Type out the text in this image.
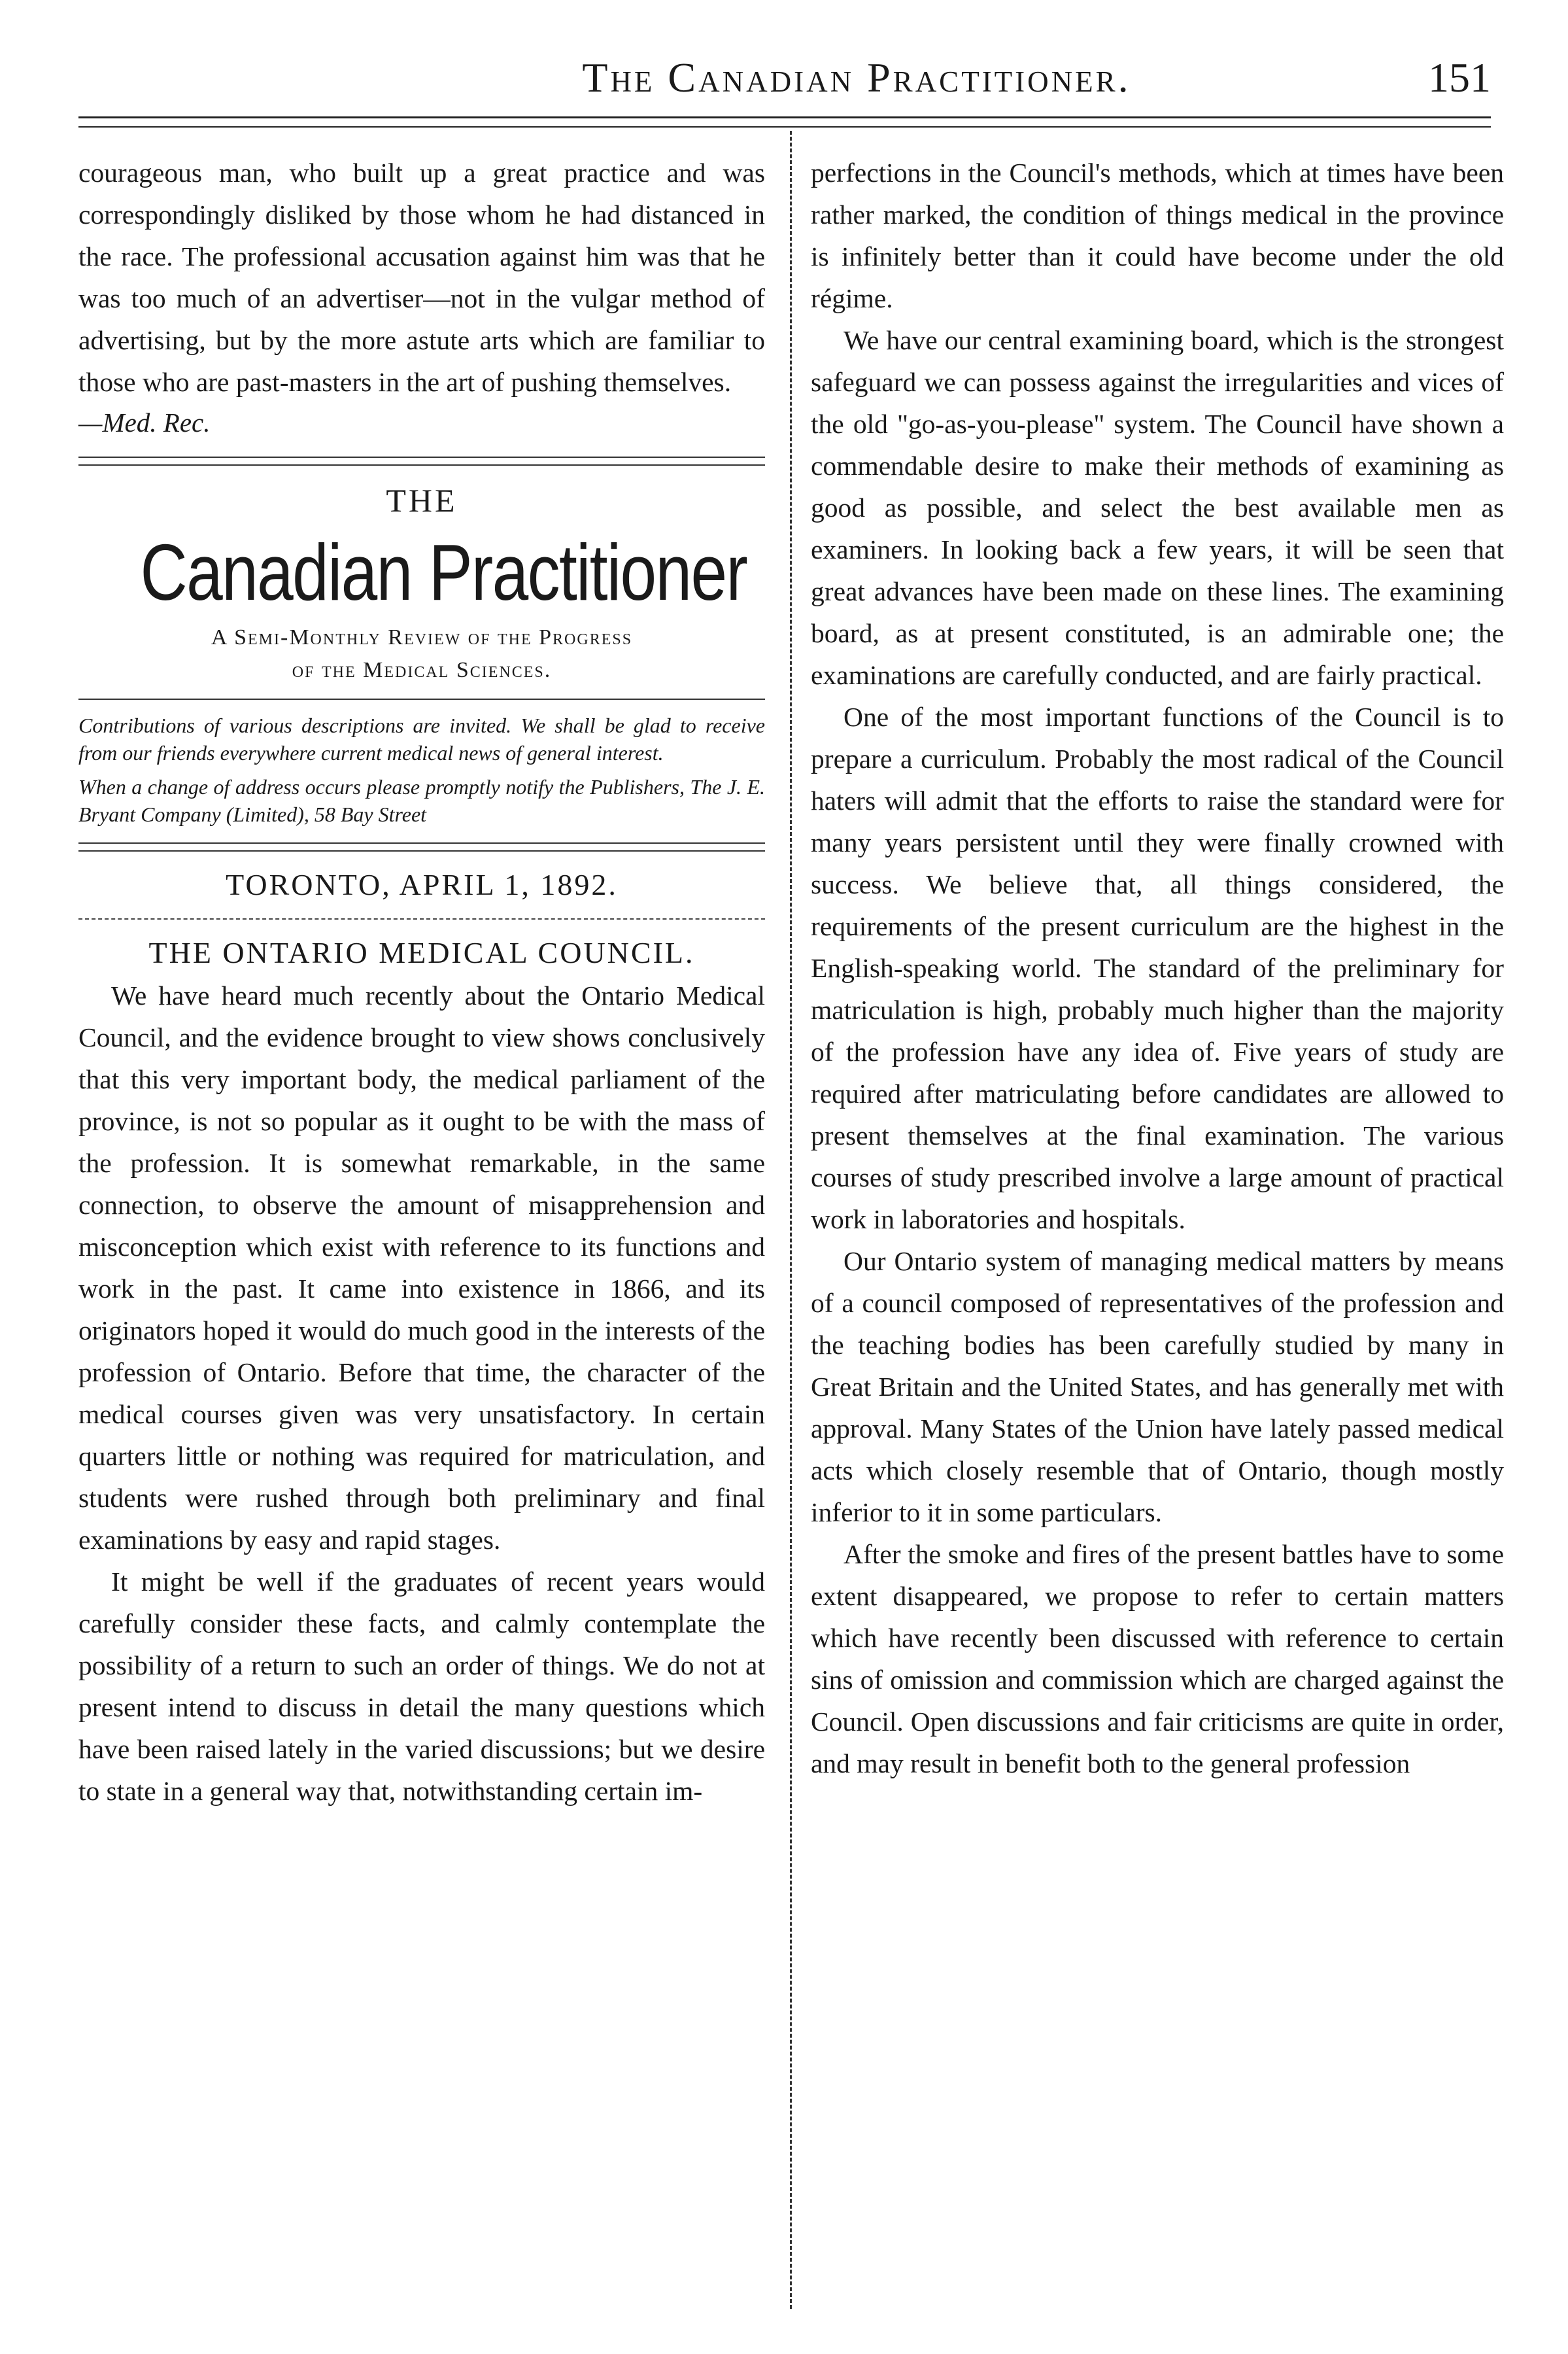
The Canadian Practitioner.	151

courageous man, who built up a great practice and was correspondingly disliked by those whom he had distanced in the race. The professional accusation against him was that he was too much of an advertiser—not in the vulgar method of advertising, but by the more astute arts which are familiar to those who are past-masters in the art of pushing themselves.

—Med. Rec.

THE
Canadian Practitioner
A Semi-Monthly Review of the Progress
of the Medical Sciences.

Contributions of various descriptions are invited. We shall be glad to receive from our friends everywhere current medical news of general interest.

When a change of address occurs please promptly notify the Publishers, The J. E. Bryant Company (Limited), 58 Bay Street

TORONTO, APRIL 1, 1892.
THE ONTARIO MEDICAL COUNCIL.

We have heard much recently about the Ontario Medical Council, and the evidence brought to view shows conclusively that this very important body, the medical parliament of the province, is not so popular as it ought to be with the mass of the profession. It is somewhat remarkable, in the same connection, to observe the amount of misapprehension and misconception which exist with reference to its functions and work in the past. It came into existence in 1866, and its originators hoped it would do much good in the interests of the profession of Ontario. Before that time, the character of the medical courses given was very unsatisfactory. In certain quarters little or nothing was required for matriculation, and students were rushed through both preliminary and final examinations by easy and rapid stages.

It might be well if the graduates of recent years would carefully consider these facts, and calmly contemplate the possibility of a return to such an order of things. We do not at present intend to discuss in detail the many questions which have been raised lately in the varied discussions; but we desire to state in a general way that, notwithstanding certain im-

perfections in the Council's methods, which at times have been rather marked, the condition of things medical in the province is infinitely better than it could have become under the old régime.

We have our central examining board, which is the strongest safeguard we can possess against the irregularities and vices of the old "go-as-you-please" system. The Council have shown a commendable desire to make their methods of examining as good as possible, and select the best available men as examiners. In looking back a few years, it will be seen that great advances have been made on these lines. The examining board, as at present constituted, is an admirable one; the examinations are carefully conducted, and are fairly practical.

One of the most important functions of the Council is to prepare a curriculum. Probably the most radical of the Council haters will admit that the efforts to raise the standard were for many years persistent until they were finally crowned with success. We believe that, all things considered, the requirements of the present curriculum are the highest in the English-speaking world. The standard of the preliminary for matriculation is high, probably much higher than the majority of the profession have any idea of. Five years of study are required after matriculating before candidates are allowed to present themselves at the final examination. The various courses of study prescribed involve a large amount of practical work in laboratories and hospitals.

Our Ontario system of managing medical matters by means of a council composed of representatives of the profession and the teaching bodies has been carefully studied by many in Great Britain and the United States, and has generally met with approval. Many States of the Union have lately passed medical acts which closely resemble that of Ontario, though mostly inferior to it in some particulars.

After the smoke and fires of the present battles have to some extent disappeared, we propose to refer to certain matters which have recently been discussed with reference to certain sins of omission and commission which are charged against the Council. Open discussions and fair criticisms are quite in order, and may result in benefit both to the general profession
